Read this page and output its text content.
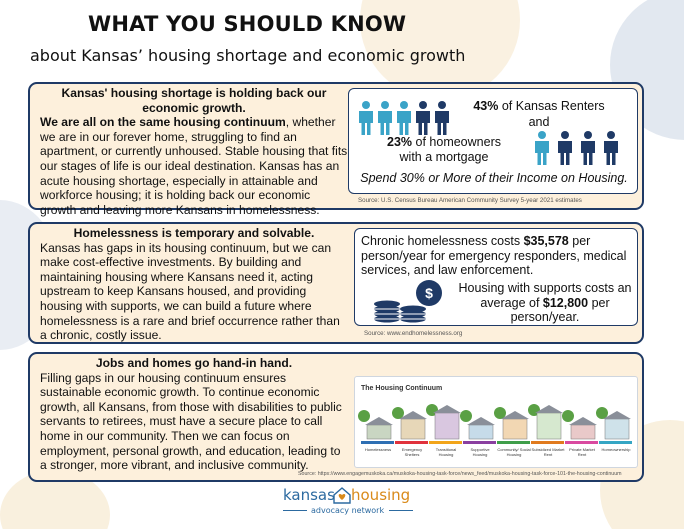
WHAT YOU SHOULD KNOW
about Kansas’ housing shortage and economic growth
Kansas' housing shortage is holding back our economic growth.
We are all on the same housing continuum, whether we are in our forever home, struggling to find an apartment, or currently unhoused. Stable housing that fits our stages of life is our ideal destination. Kansas has an acute housing shortage, especially in attainable and workforce housing; it is holding back our economic growth and leaving more Kansans in homelessness.
43% of Kansas Renters
and
23% of homeowners
with a mortgage
Spend 30% or More of their Income on Housing.
Source: U.S. Census Bureau American Community Survey 5-year 2021 estimates
Homelessness is temporary and solvable.
Kansas has gaps in its housing continuum, but we can make cost-effective investments. By building and maintaining housing where Kansans need it, acting upstream to keep Kansans housed, and providing housing with supports, we can build a future where homelessness is a rare and brief occurrence rather than a chronic, costly issue.
Chronic homelessness costs $35,578 per person/year for emergency responders, medical services, and law enforcement.
$ Housing with supports costs an average of $12,800 per person/year.
Source: www.endhomelessness.org
Jobs and homes go hand-in hand.
Filling gaps in our housing continuum ensures sustainable economic growth. To continue economic growth, all Kansans, from those with disabilities to public servants to retirees, must have a secure place to call home in our community. Then we can focus on employment, personal growth, and education, leading to a stronger, more vibrant, and inclusive community.
The Housing Continuum
Homelessness	Emergency Shelters
Transitional Housing
Supportive Housing
Community/ Social Housing
Subsidized Market Rent
Private Market Rent
Homeownership
Source: https://www.engagemuskoka.ca/muskoka-housing-task-force/news_feed/muskoka-housing-task-force-101-the-housing-continuum
kansas housing
advocacy network
